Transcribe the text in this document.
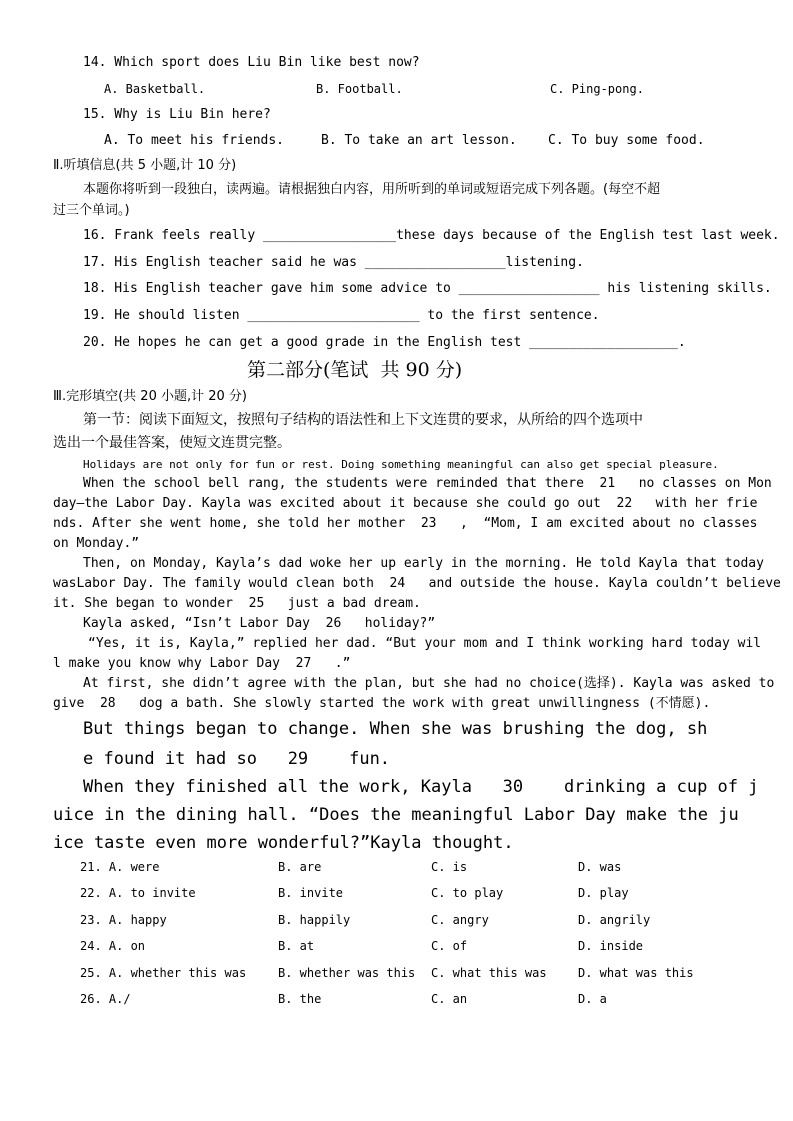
14. Which sport does Liu Bin like best now?
A. Basketball.	B. Football.	C. Ping-pong.
15. Why is Liu Bin here?
A. To meet his friends.	B. To take an art lesson. C. To buy some food.
Ⅱ.听填信息(共 5 小题,计 10 分)
本题你将听到一段独白，读两遍。请根据独白内容，用所听到的单词或短语完成下列各题。(每空不超
过三个单词。)
16. Frank feels really _________________these days because of the English test last week.
17. His English teacher said he was __________________listening.
18. His English teacher gave him some advice to __________________ his listening skills.
19. He should listen ______________________ to the first sentence.
20. He hopes he can get a good grade in the English test ___________________.
第二部分(笔试  共 90 分)
Ⅲ.完形填空(共 20 小题,计 20 分)
第一节：阅读下面短文，按照句子结构的语法性和上下文连贯的要求，从所给的四个选项中
选出一个最佳答案，使短文连贯完整。
Holidays are not only for fun or rest. Doing something meaningful can also get special pleasure.
When the school bell rang, the students were reminded that there  21   no classes on Mon
day—the Labor Day. Kayla was excited about it because she could go out  22   with her frie
nds. After she went home, she told her mother  23   ,  “Mom, I am excited about no classes
on Monday.”
Then, on Monday, Kayla’s dad woke her up early in the morning. He told Kayla that today
wasLabor Day. The family would clean both  24   and outside the house. Kayla couldn’t believe
it. She began to wonder  25   just a bad dream.
Kayla asked, “Isn’t Labor Day  26   holiday?”
“Yes, it is, Kayla,” replied her dad. “But your mom and I think working hard today wil
l make you know why Labor Day  27   .”
At first, she didn’t agree with the plan, but she had no choice(选择). Kayla was asked to
give  28   dog a bath. She slowly started the work with great unwillingness (不情愿).
But things began to change. When she was brushing the dog, sh
e found it had so   29    fun.
When they finished all the work, Kayla   30    drinking a cup of j
uice in the dining hall. “Does the meaningful Labor Day make the ju
ice taste even more wonderful?”Kayla thought.
21. A. were	B. are	C. is	D. was
22. A. to invite	B. invite	C. to play	D. play
23. A. happy	B. happily	C. angry	D. angrily
24. A. on	B. at	C. of	D. inside
25. A. whether this was	B. whether was this C. what this was	D. what was this
26. A./	B. the	C. an	D. a
